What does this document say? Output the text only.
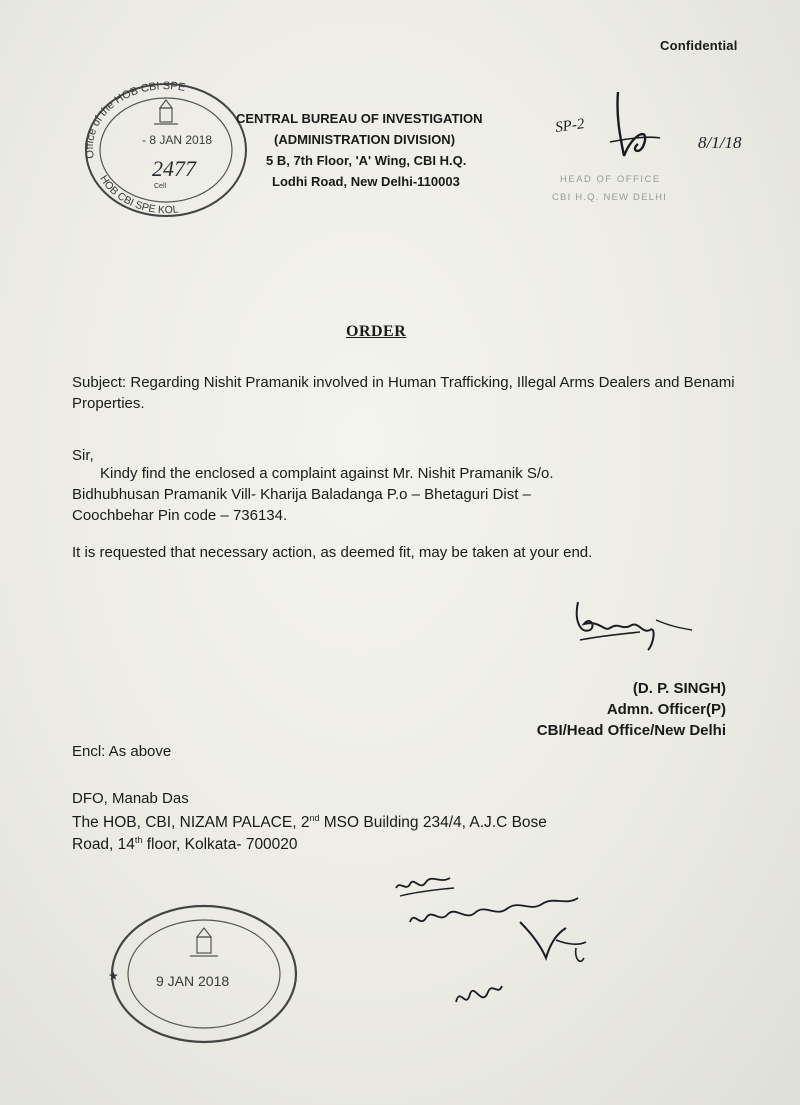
Confidential
Office of the HOB CBI SPE
HOB CBI SPE KOL
- 8 JAN 2018
2477
Cell
CENTRAL BUREAU OF INVESTIGATION
(ADMINISTRATION DIVISION)
5 B, 7th Floor, 'A' Wing, CBI H.Q.
Lodhi Road, New Delhi-110003
SP-2
8/1/18
HEAD OF OFFICE
CBI H.Q. NEW DELHI
ORDER
Subject: Regarding Nishit Pramanik involved in Human Trafficking, Illegal Arms Dealers and Benami Properties.
Sir,
Kindy find the enclosed a complaint against Mr. Nishit Pramanik S/o.
Bidhubhusan Pramanik Vill- Kharija Baladanga P.o – Bhetaguri Dist –
Coochbehar Pin code – 736134.
It is requested that necessary action, as deemed fit, may be taken at your end.
(D. P. SINGH)
Admn. Officer(P)
CBI/Head Office/New Delhi
Encl: As above
DFO, Manab Das
The HOB, CBI, NIZAM PALACE, 2nd MSO Building 234/4, A.J.C Bose
Road, 14th floor, Kolkata- 700020
9 JAN 2018
★
